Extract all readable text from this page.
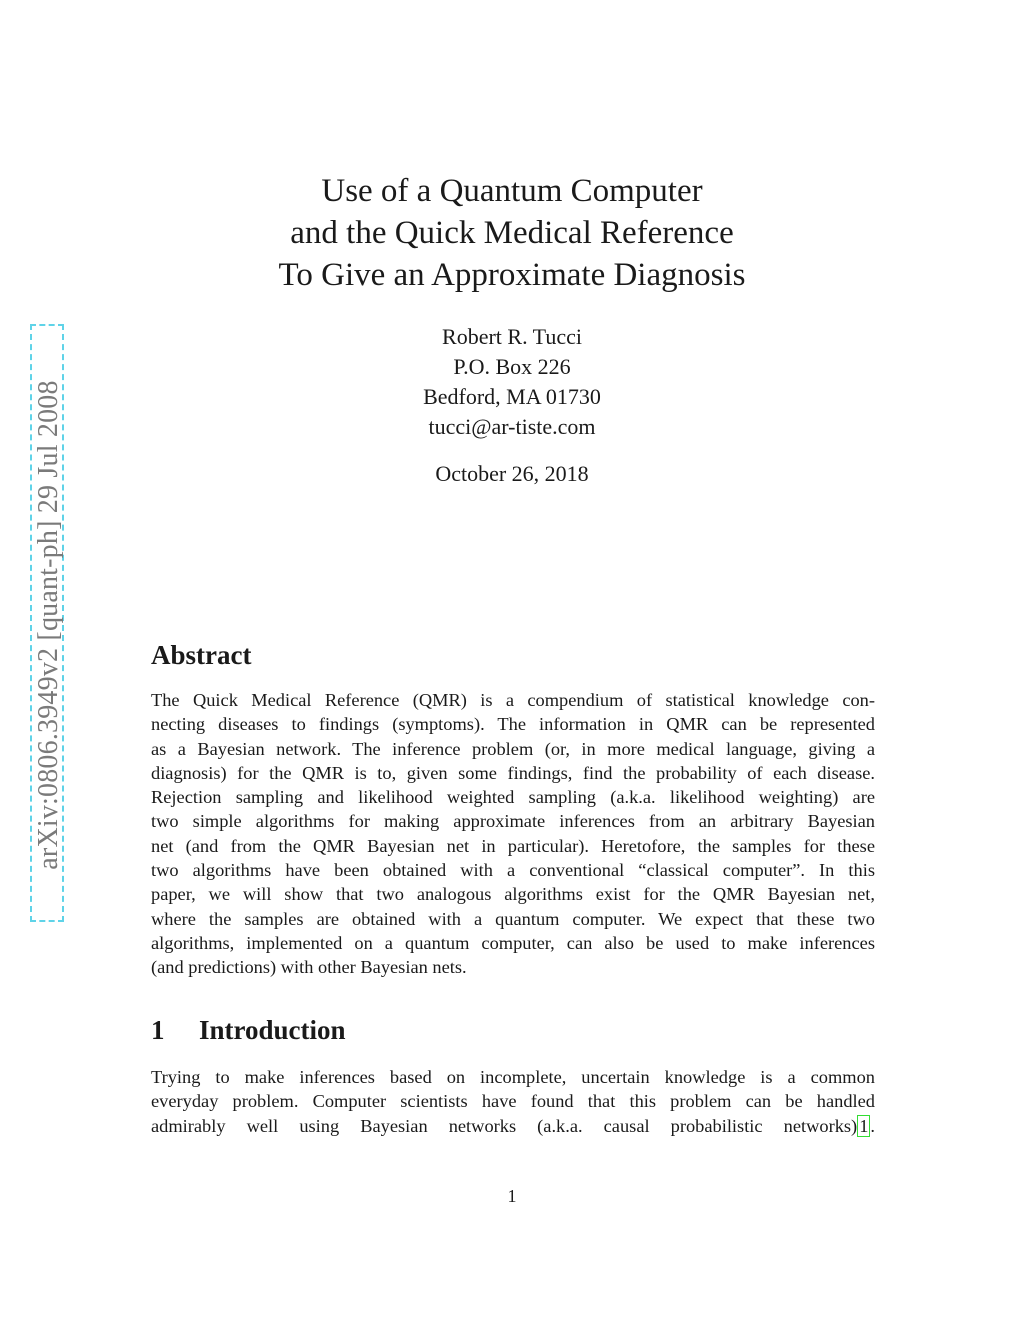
arXiv:0806.3949v2 [quant-ph] 29 Jul 2008
Use of a Quantum Computer
and the Quick Medical Reference
To Give an Approximate Diagnosis
Robert R. Tucci
P.O. Box 226
Bedford, MA 01730
tucci@ar-tiste.com
October 26, 2018
Abstract
The Quick Medical Reference (QMR) is a compendium of statistical knowledge con-
necting diseases to findings (symptoms). The information in QMR can be represented
as a Bayesian network. The inference problem (or, in more medical language, giving a
diagnosis) for the QMR is to, given some findings, find the probability of each disease.
Rejection sampling and likelihood weighted sampling (a.k.a. likelihood weighting) are
two simple algorithms for making approximate inferences from an arbitrary Bayesian
net (and from the QMR Bayesian net in particular). Heretofore, the samples for these
two algorithms have been obtained with a conventional “classical computer”. In this
paper, we will show that two analogous algorithms exist for the QMR Bayesian net,
where the samples are obtained with a quantum computer. We expect that these two
algorithms, implemented on a quantum computer, can also be used to make inferences
(and predictions) with other Bayesian nets.
1 Introduction
Trying to make inferences based on incomplete, uncertain knowledge is a common
everyday problem. Computer scientists have found that this problem can be handled
admirably well using Bayesian networks (a.k.a. causal probabilistic networks) 1 .
1
